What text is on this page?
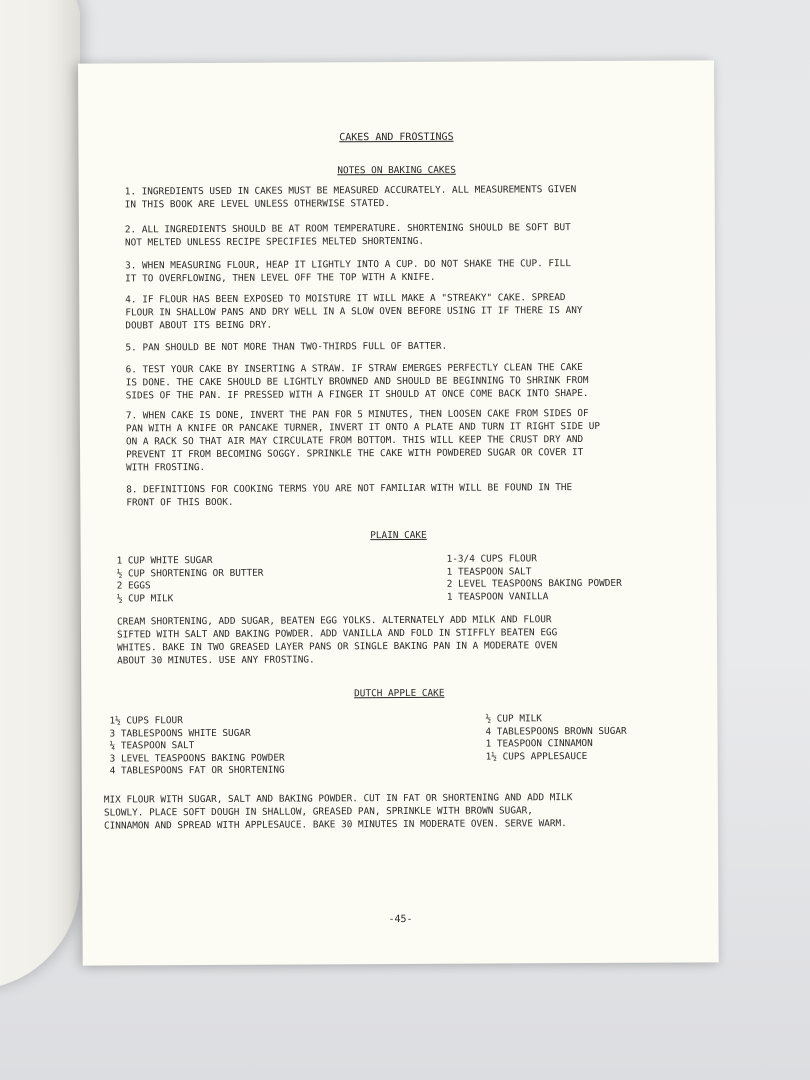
CAKES AND FROSTINGS
NOTES ON BAKING CAKES
1. INGREDIENTS USED IN CAKES MUST BE MEASURED ACCURATELY. ALL MEASUREMENTS GIVEN
IN THIS BOOK ARE LEVEL UNLESS OTHERWISE STATED.
2. ALL INGREDIENTS SHOULD BE AT ROOM TEMPERATURE. SHORTENING SHOULD BE SOFT BUT
NOT MELTED UNLESS RECIPE SPECIFIES MELTED SHORTENING.
3. WHEN MEASURING FLOUR, HEAP IT LIGHTLY INTO A CUP. DO NOT SHAKE THE CUP. FILL
IT TO OVERFLOWING, THEN LEVEL OFF THE TOP WITH A KNIFE.
4. IF FLOUR HAS BEEN EXPOSED TO MOISTURE IT WILL MAKE A "STREAKY" CAKE. SPREAD
FLOUR IN SHALLOW PANS AND DRY WELL IN A SLOW OVEN BEFORE USING IT IF THERE IS ANY
DOUBT ABOUT ITS BEING DRY.
5. PAN SHOULD BE NOT MORE THAN TWO-THIRDS FULL OF BATTER.
6. TEST YOUR CAKE BY INSERTING A STRAW. IF STRAW EMERGES PERFECTLY CLEAN THE CAKE
IS DONE. THE CAKE SHOULD BE LIGHTLY BROWNED AND SHOULD BE BEGINNING TO SHRINK FROM
SIDES OF THE PAN. IF PRESSED WITH A FINGER IT SHOULD AT ONCE COME BACK INTO SHAPE.
7. WHEN CAKE IS DONE, INVERT THE PAN FOR 5 MINUTES, THEN LOOSEN CAKE FROM SIDES OF
PAN WITH A KNIFE OR PANCAKE TURNER, INVERT IT ONTO A PLATE AND TURN IT RIGHT SIDE UP
ON A RACK SO THAT AIR MAY CIRCULATE FROM BOTTOM. THIS WILL KEEP THE CRUST DRY AND
PREVENT IT FROM BECOMING SOGGY. SPRINKLE THE CAKE WITH POWDERED SUGAR OR COVER IT
WITH FROSTING.
8. DEFINITIONS FOR COOKING TERMS YOU ARE NOT FAMILIAR WITH WILL BE FOUND IN THE
FRONT OF THIS BOOK.
PLAIN CAKE
1 CUP WHITE SUGAR
½ CUP SHORTENING OR BUTTER
2 EGGS
½ CUP MILK
1-3/4 CUPS FLOUR
1 TEASPOON SALT
2 LEVEL TEASPOONS BAKING POWDER
1 TEASPOON VANILLA
CREAM SHORTENING, ADD SUGAR, BEATEN EGG YOLKS. ALTERNATELY ADD MILK AND FLOUR
SIFTED WITH SALT AND BAKING POWDER. ADD VANILLA AND FOLD IN STIFFLY BEATEN EGG
WHITES. BAKE IN TWO GREASED LAYER PANS OR SINGLE BAKING PAN IN A MODERATE OVEN
ABOUT 30 MINUTES. USE ANY FROSTING.
DUTCH APPLE CAKE
1½ CUPS FLOUR
3 TABLESPOONS WHITE SUGAR
¼ TEASPOON SALT
3 LEVEL TEASPOONS BAKING POWDER
4 TABLESPOONS FAT OR SHORTENING
½ CUP MILK
4 TABLESPOONS BROWN SUGAR
1 TEASPOON CINNAMON
1½ CUPS APPLESAUCE
MIX FLOUR WITH SUGAR, SALT AND BAKING POWDER. CUT IN FAT OR SHORTENING AND ADD MILK
SLOWLY. PLACE SOFT DOUGH IN SHALLOW, GREASED PAN, SPRINKLE WITH BROWN SUGAR,
CINNAMON AND SPREAD WITH APPLESAUCE. BAKE 30 MINUTES IN MODERATE OVEN. SERVE WARM.
-45-
